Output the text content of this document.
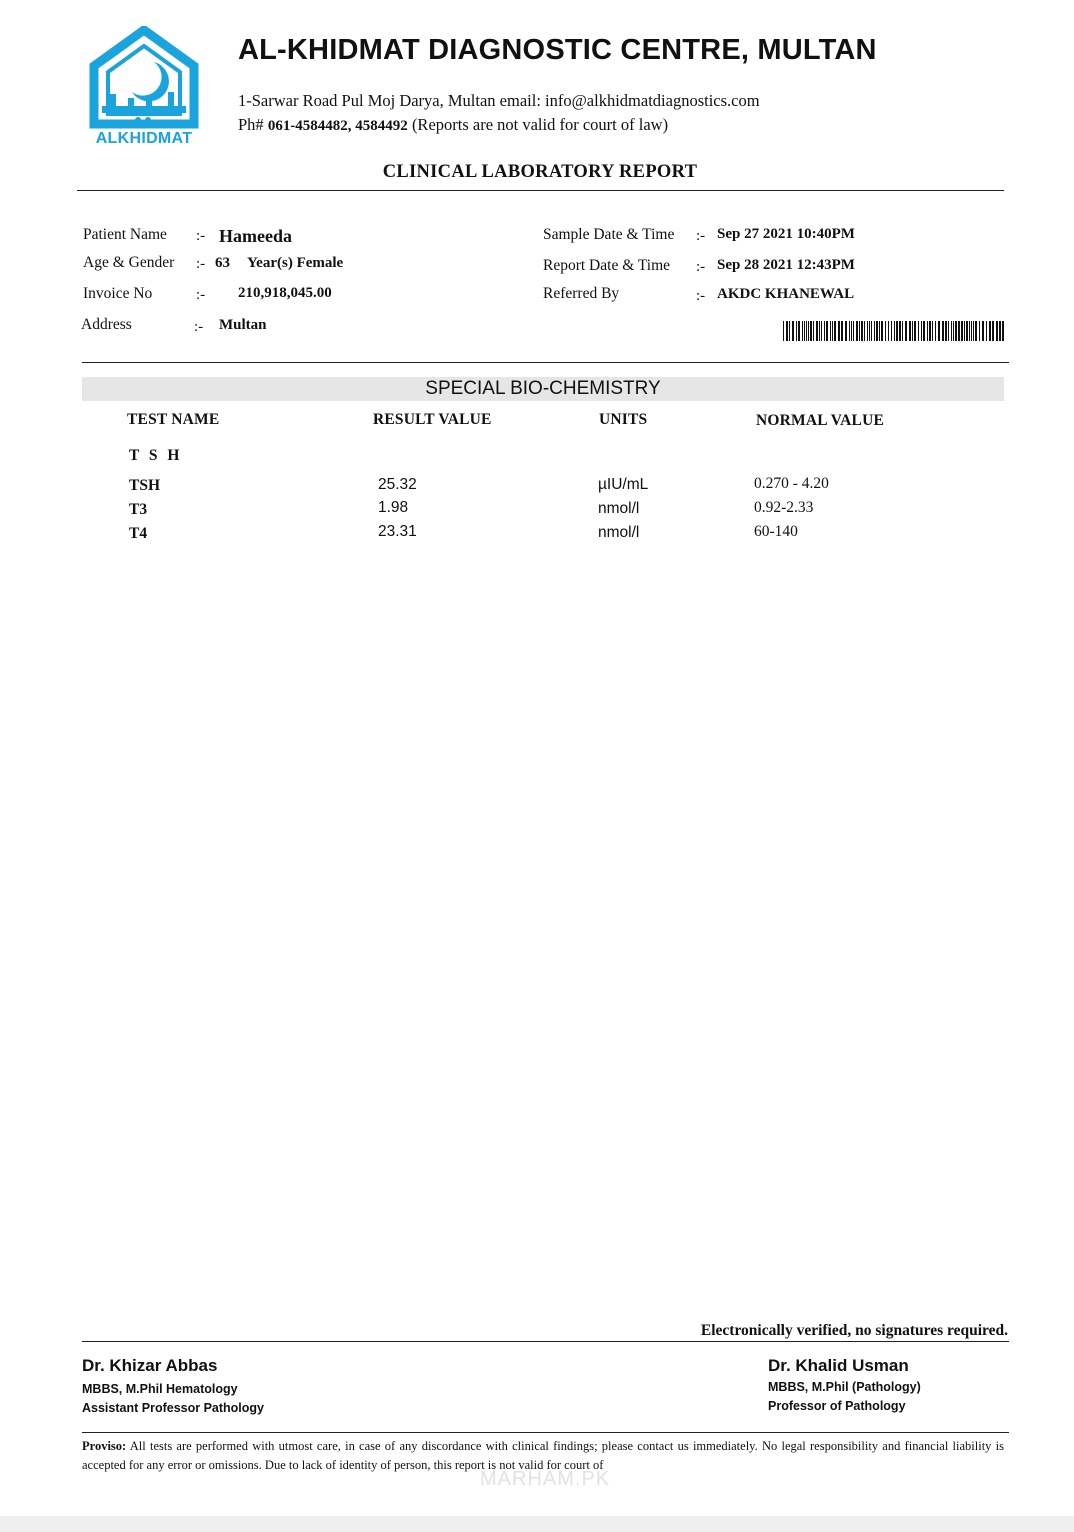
ALKHIDMAT
AL-KHIDMAT DIAGNOSTIC CENTRE, MULTAN
1-Sarwar Road Pul Moj Darya, Multan email: info@alkhidmatdiagnostics.com
Ph# 061-4584482, 4584492 (Reports are not valid for court of law)
CLINICAL LABORATORY REPORT
Patient Name :- Hameeda
Age & Gender :- 63 Year(s) Female
Invoice No	:- 210,918,045.00
Address	:- Multan
Sample Date & Time :- Sep 27 2021 10:40PM
Report Date & Time :- Sep 28 2021 12:43PM
Referred By	:- AKDC KHANEWAL
SPECIAL BIO-CHEMISTRY
TEST NAME	RESULT VALUE	UNITS	NORMAL VALUE
T S H
TSH	25.32	µIU/mL	0.270 - 4.20
T3	1.98	nmol/l	0.92-2.33
T4	23.31	nmol/l	60-140
Electronically verified, no signatures required.
Dr. Khizar Abbas
MBBS, M.Phil Hematology
Assistant Professor Pathology
Dr. Khalid Usman
MBBS, M.Phil (Pathology)
Professor of Pathology
Proviso: All tests are performed with utmost care, in case of any discordance with clinical findings; please contact us immediately. No legal responsibility and financial liability is accepted for any error or omissions. Due to lack of identity of person, this report is not valid for court of
MARHAM.PK
